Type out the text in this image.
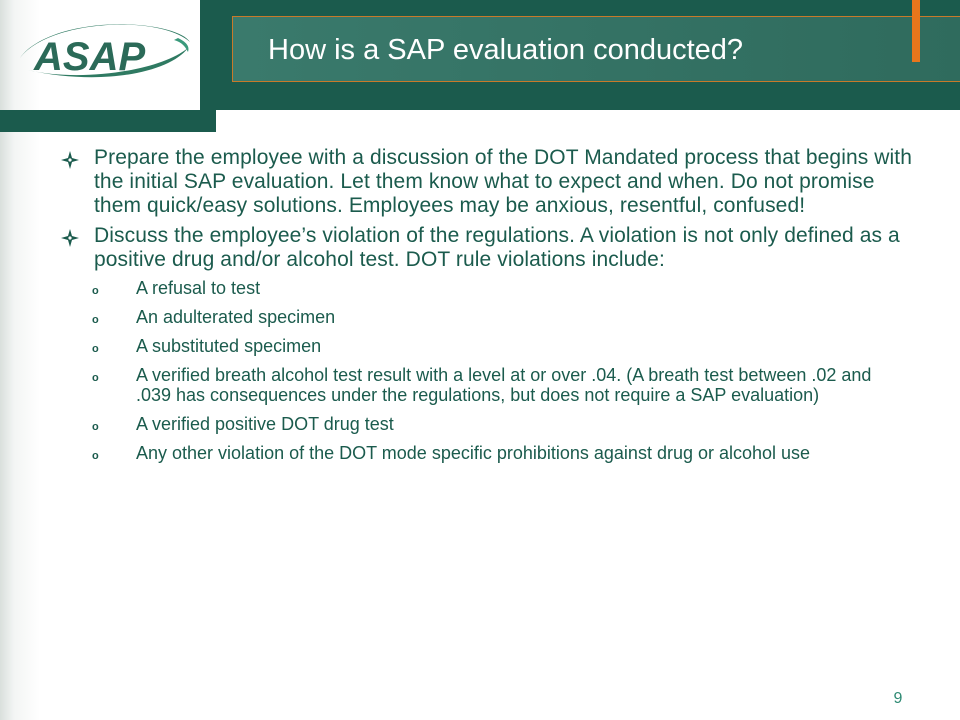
ASAP	How is a SAP evaluation conducted?
Prepare the employee with a discussion of the DOT Mandated process that begins with the initial SAP evaluation. Let them know what to expect and when. Do not promise them quick/easy solutions. Employees may be anxious, resentful, confused!
Discuss the employee’s violation of the regulations. A violation is not only defined as a positive drug and/or alcohol test. DOT rule violations include:
o A refusal to test
o An adulterated specimen
o A substituted specimen
o A verified breath alcohol test result with a level at or over .04. (A breath test between .02 and .039 has consequences under the regulations, but does not require a SAP evaluation)
o A verified positive DOT drug test
o Any other violation of the DOT mode specific prohibitions against drug or alcohol use
9
